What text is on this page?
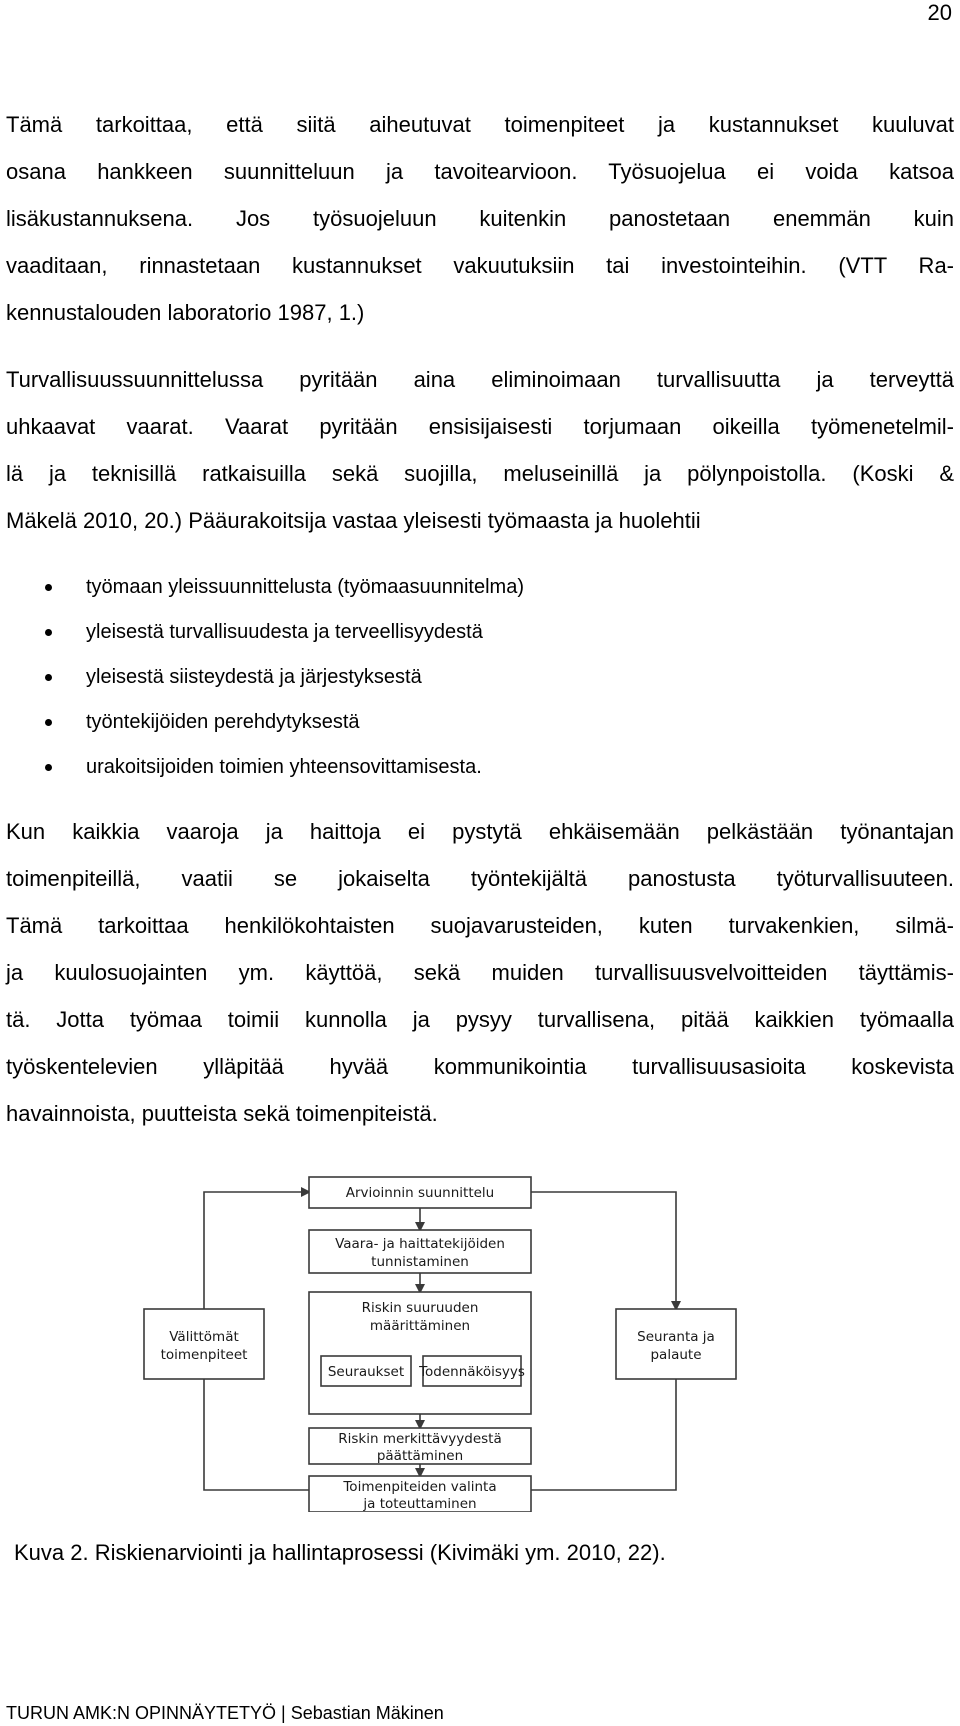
20
Tämä tarkoittaa, että siitä aiheutuvat toimenpiteet ja kustannukset kuuluvat
osana hankkeen suunnitteluun ja tavoitearvioon. Työsuojelua ei voida katsoa
lisäkustannuksena. Jos työsuojeluun kuitenkin panostetaan enemmän kuin
vaaditaan, rinnastetaan kustannukset vakuutuksiin tai investointeihin. (VTT Ra-
kennustalouden laboratorio 1987, 1.)
Turvallisuussuunnittelussa pyritään aina eliminoimaan turvallisuutta ja terveyttä
uhkaavat vaarat. Vaarat pyritään ensisijaisesti torjumaan oikeilla työmenetelmil-
lä ja teknisillä ratkaisuilla sekä suojilla, meluseinillä ja pölynpoistolla. (Koski &
Mäkelä 2010, 20.) Pääurakoitsija vastaa yleisesti työmaasta ja huolehtii
työmaan yleissuunnittelusta (työmaasuunnitelma)
yleisestä turvallisuudesta ja terveellisyydestä
yleisestä siisteydestä ja järjestyksestä
työntekijöiden perehdytyksestä
urakoitsijoiden toimien yhteensovittamisesta.
Kun kaikkia vaaroja ja haittoja ei pystytä ehkäisemään pelkästään työnantajan
toimenpiteillä, vaatii se jokaiselta työntekijältä panostusta työturvallisuuteen.
Tämä tarkoittaa henkilökohtaisten suojavarusteiden, kuten turvakenkien, silmä-
ja kuulosuojainten ym. käyttöä, sekä muiden turvallisuusvelvoitteiden täyttämis-
tä. Jotta työmaa toimii kunnolla ja pysyy turvallisena, pitää kaikkien työmaalla
työskentelevien ylläpitää hyvää kommunikointia turvallisuusasioita koskevista
havainnoista, puutteista sekä toimenpiteistä.
Arvioinnin suunnittelu
Vaara- ja haittatekijöiden
tunnistaminen
Riskin suuruuden
määrittäminen
Seuraukset Todennäköisyys
Riskin merkittävyydestä
päättäminen
Toimenpiteiden valinta
ja toteuttaminen
Välittömät
toimenpiteet
Seuranta ja
palaute
Kuva 2. Riskienarviointi ja hallintaprosessi (Kivimäki ym. 2010, 22).
TURUN AMK:N OPINNÄYTETYÖ | Sebastian Mäkinen
